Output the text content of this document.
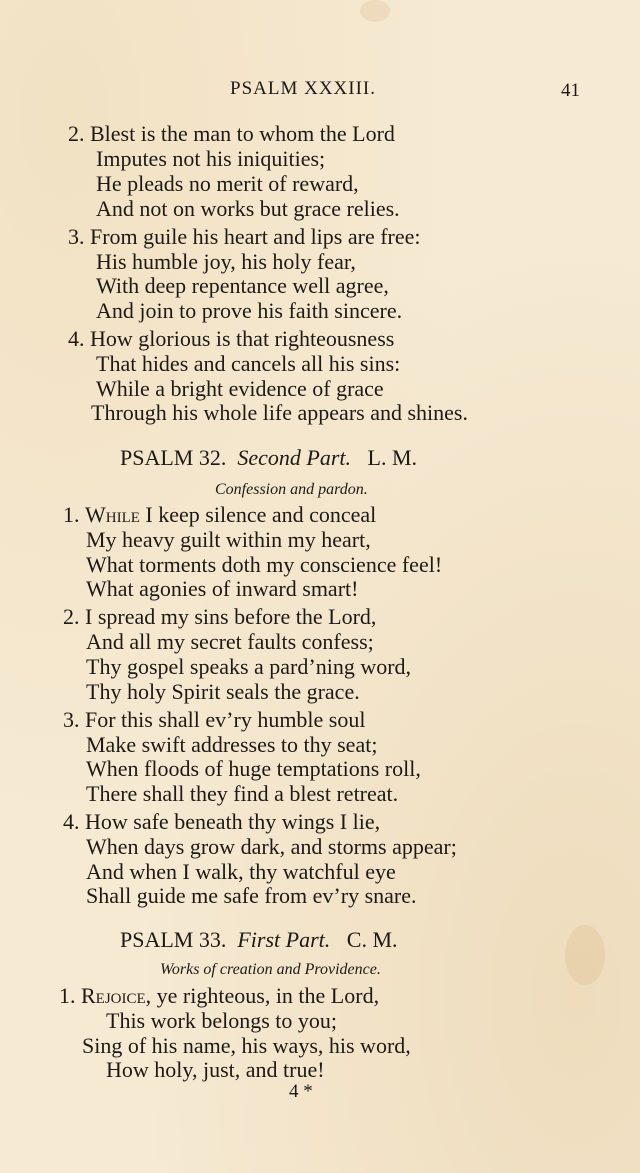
PSALM XXXIII.	41
2. Blest is the man to whom the Lord
Imputes not his iniquities;
He pleads no merit of reward,
And not on works but grace relies.
3. From guile his heart and lips are free:
His humble joy, his holy fear,
With deep repentance well agree,
And join to prove his faith sincere.
4. How glorious is that righteousness
That hides and cancels all his sins:
While a bright evidence of grace
Through his whole life appears and shines.
PSALM 32. Second Part. L. M.
Confession and pardon.
1. While I keep silence and conceal
My heavy guilt within my heart,
What torments doth my conscience feel!
What agonies of inward smart!
2. I spread my sins before the Lord,
And all my secret faults confess;
Thy gospel speaks a pard’ning word,
Thy holy Spirit seals the grace.
3. For this shall ev’ry humble soul
Make swift addresses to thy seat;
When floods of huge temptations roll,
There shall they find a blest retreat.
4. How safe beneath thy wings I lie,
When days grow dark, and storms appear;
And when I walk, thy watchful eye
Shall guide me safe from ev’ry snare.
PSALM 33. First Part. C. M.
Works of creation and Providence.
1. Rejoice, ye righteous, in the Lord,
This work belongs to you;
Sing of his name, his ways, his word,
How holy, just, and true!
4 *
